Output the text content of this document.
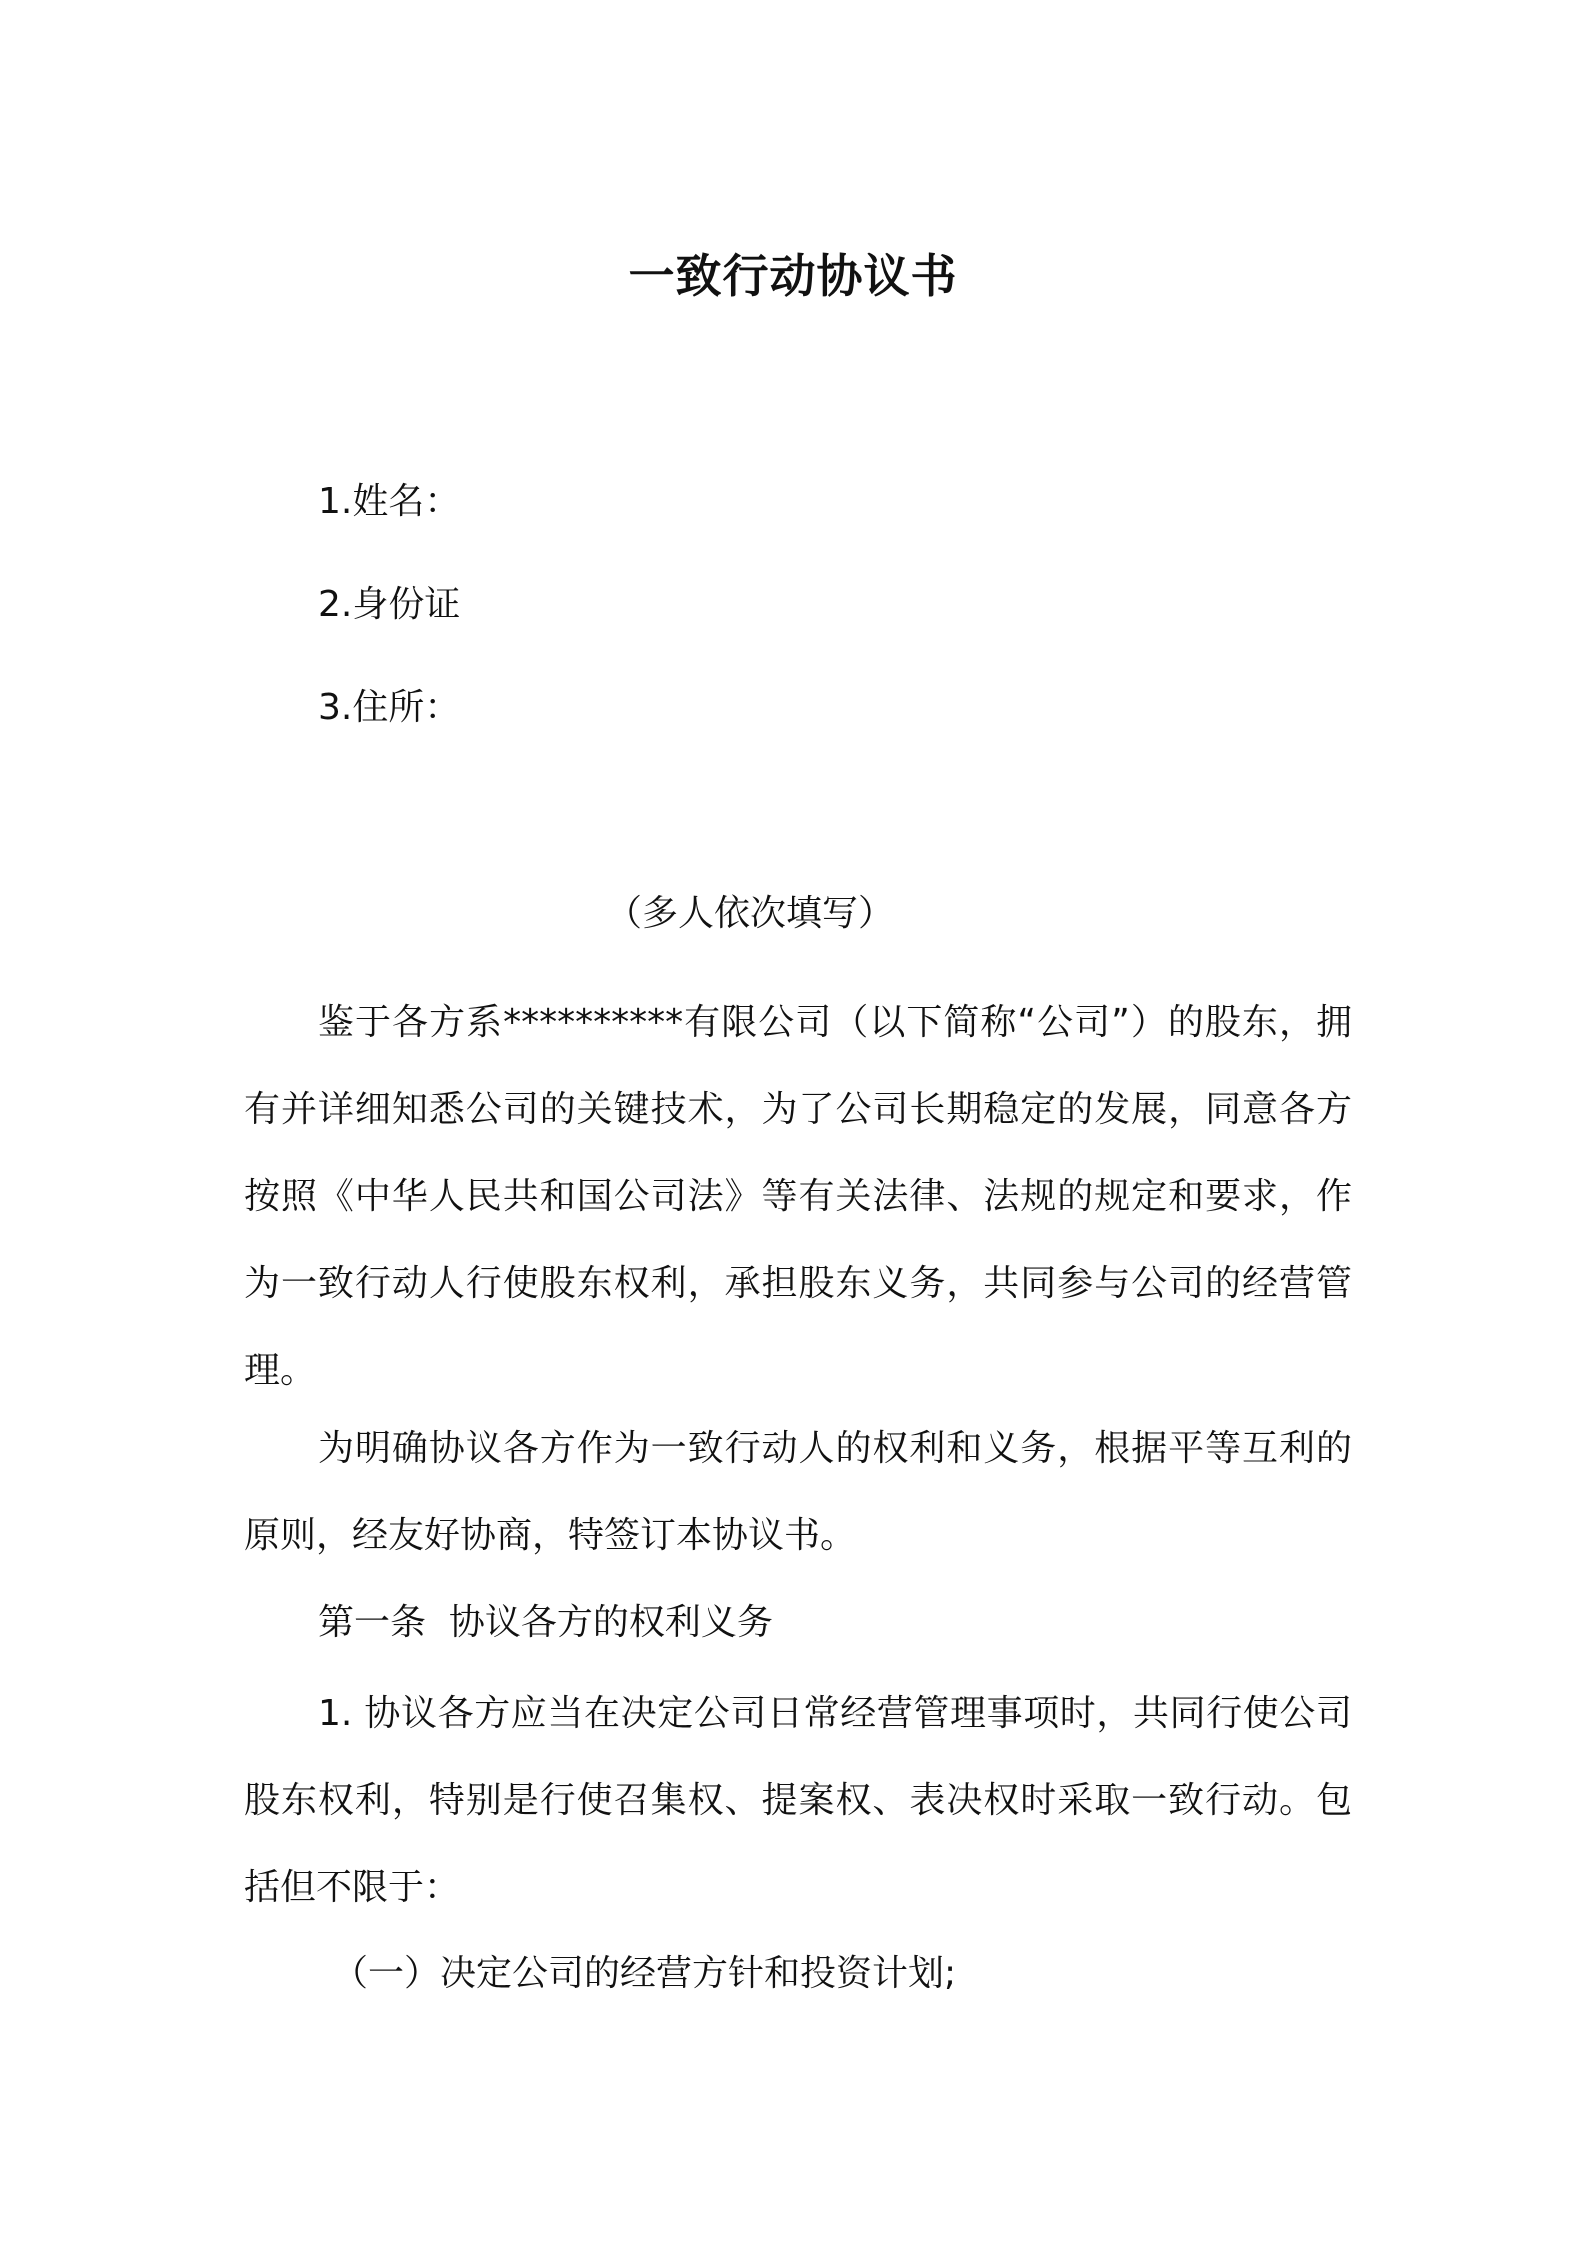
一致行动协议书
1.姓名：
2.身份证
3.住所：
（多人依次填写）
鉴于各方系**********有限公司（以下简称“公司”）的股东，拥有并详细知悉公司的关键技术，为了公司长期稳定的发展，同意各方按照《中华人民共和国公司法》等有关法律、法规的规定和要求，作为一致行动人行使股东权利，承担股东义务，共同参与公司的经营管理。
为明确协议各方作为一致行动人的权利和义务，根据平等互利的原则，经友好协商，特签订本协议书。
第一条  协议各方的权利义务
1. 协议各方应当在决定公司日常经营管理事项时，共同行使公司股东权利，特别是行使召集权、提案权、表决权时采取一致行动。包括但不限于：
（一）决定公司的经营方针和投资计划;
